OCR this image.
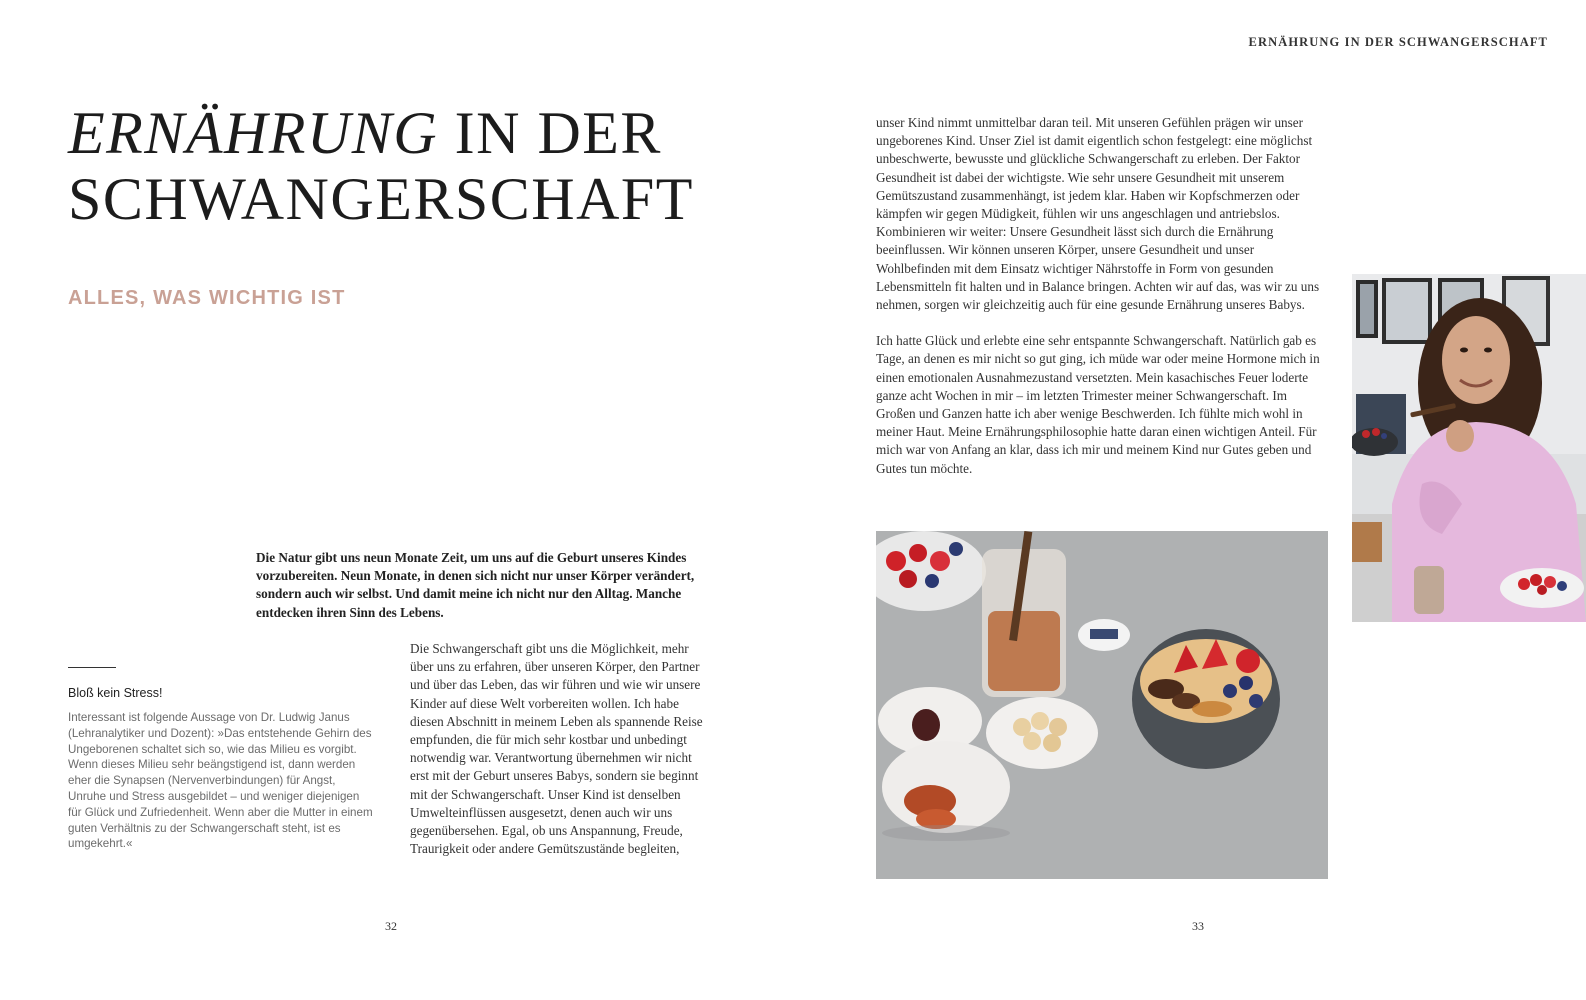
ERNÄHRUNG IN DER SCHWANGERSCHAFT
ERNÄHRUNG IN DER
SCHWANGERSCHAFT
ALLES, WAS WICHTIG IST

Die Natur gibt uns neun Monate Zeit, um uns auf die Geburt unseres Kindes vorzubereiten. Neun Monate, in denen sich nicht nur unser Körper verändert, sondern auch wir selbst. Und damit meine ich nicht nur den Alltag. Manche entdecken ihren Sinn des Lebens.

Bloß kein Stress!

Interessant ist folgende Aussage von Dr. Ludwig Janus (Lehranalytiker und Dozent): »Das entstehende Gehirn des Ungeborenen schaltet sich so, wie das Milieu es vorgibt. Wenn dieses Milieu sehr beängstigend ist, dann werden eher die Synapsen (Nervenverbindungen) für Angst, Unruhe und Stress ausgebildet – und weniger diejenigen für Glück und Zufriedenheit. Wenn aber die Mutter in einem guten Verhältnis zu der Schwangerschaft steht, ist es umgekehrt.«

Die Schwangerschaft gibt uns die Möglichkeit, mehr über uns zu erfahren, über unseren Körper, den Partner und über das Leben, das wir führen und wie wir unsere Kinder auf diese Welt vorbereiten wollen. Ich habe diesen Abschnitt in meinem Leben als spannende Reise empfunden, die für mich sehr kostbar und unbedingt notwendig war. Verantwortung übernehmen wir nicht erst mit der Geburt unseres Babys, sondern sie beginnt mit der Schwangerschaft. Unser Kind ist denselben Umwelteinflüssen ausgesetzt, denen auch wir uns gegenübersehen. Egal, ob uns Anspannung, Freude, Traurigkeit oder andere Gemütszustände begleiten,

32

unser Kind nimmt unmittelbar daran teil. Mit unseren Gefühlen prägen wir unser ungeborenes Kind. Unser Ziel ist damit eigentlich schon festgelegt: eine möglichst unbeschwerte, bewusste und glückliche Schwangerschaft zu erleben. Der Faktor Gesundheit ist dabei der wichtigste. Wie sehr unsere Gesundheit mit unserem Gemütszustand zusammenhängt, ist jedem klar. Haben wir Kopfschmerzen oder kämpfen wir gegen Müdigkeit, fühlen wir uns angeschlagen und antriebslos. Kombinieren wir weiter: Unsere Gesundheit lässt sich durch die Ernährung beeinflussen. Wir können unseren Körper, unsere Gesundheit und unser Wohlbefinden mit dem Einsatz wichtiger Nährstoffe in Form von gesunden Lebensmitteln fit halten und in Balance bringen. Achten wir auf das, was wir zu uns nehmen, sorgen wir gleichzeitig auch für eine gesunde Ernährung unseres Babys.

Ich hatte Glück und erlebte eine sehr entspannte Schwangerschaft. Natürlich gab es Tage, an denen es mir nicht so gut ging, ich müde war oder meine Hormone mich in einen emotionalen Ausnahmezustand versetzten. Mein kasachisches Feuer loderte ganze acht Wochen in mir – im letzten Trimester meiner Schwangerschaft. Im Großen und Ganzen hatte ich aber wenige Beschwerden. Ich fühlte mich wohl in meiner Haut. Meine Ernährungsphilosophie hatte daran einen wichtigen Anteil. Für mich war von Anfang an klar, dass ich mir und meinem Kind nur Gutes geben und Gutes tun möchte.

33
